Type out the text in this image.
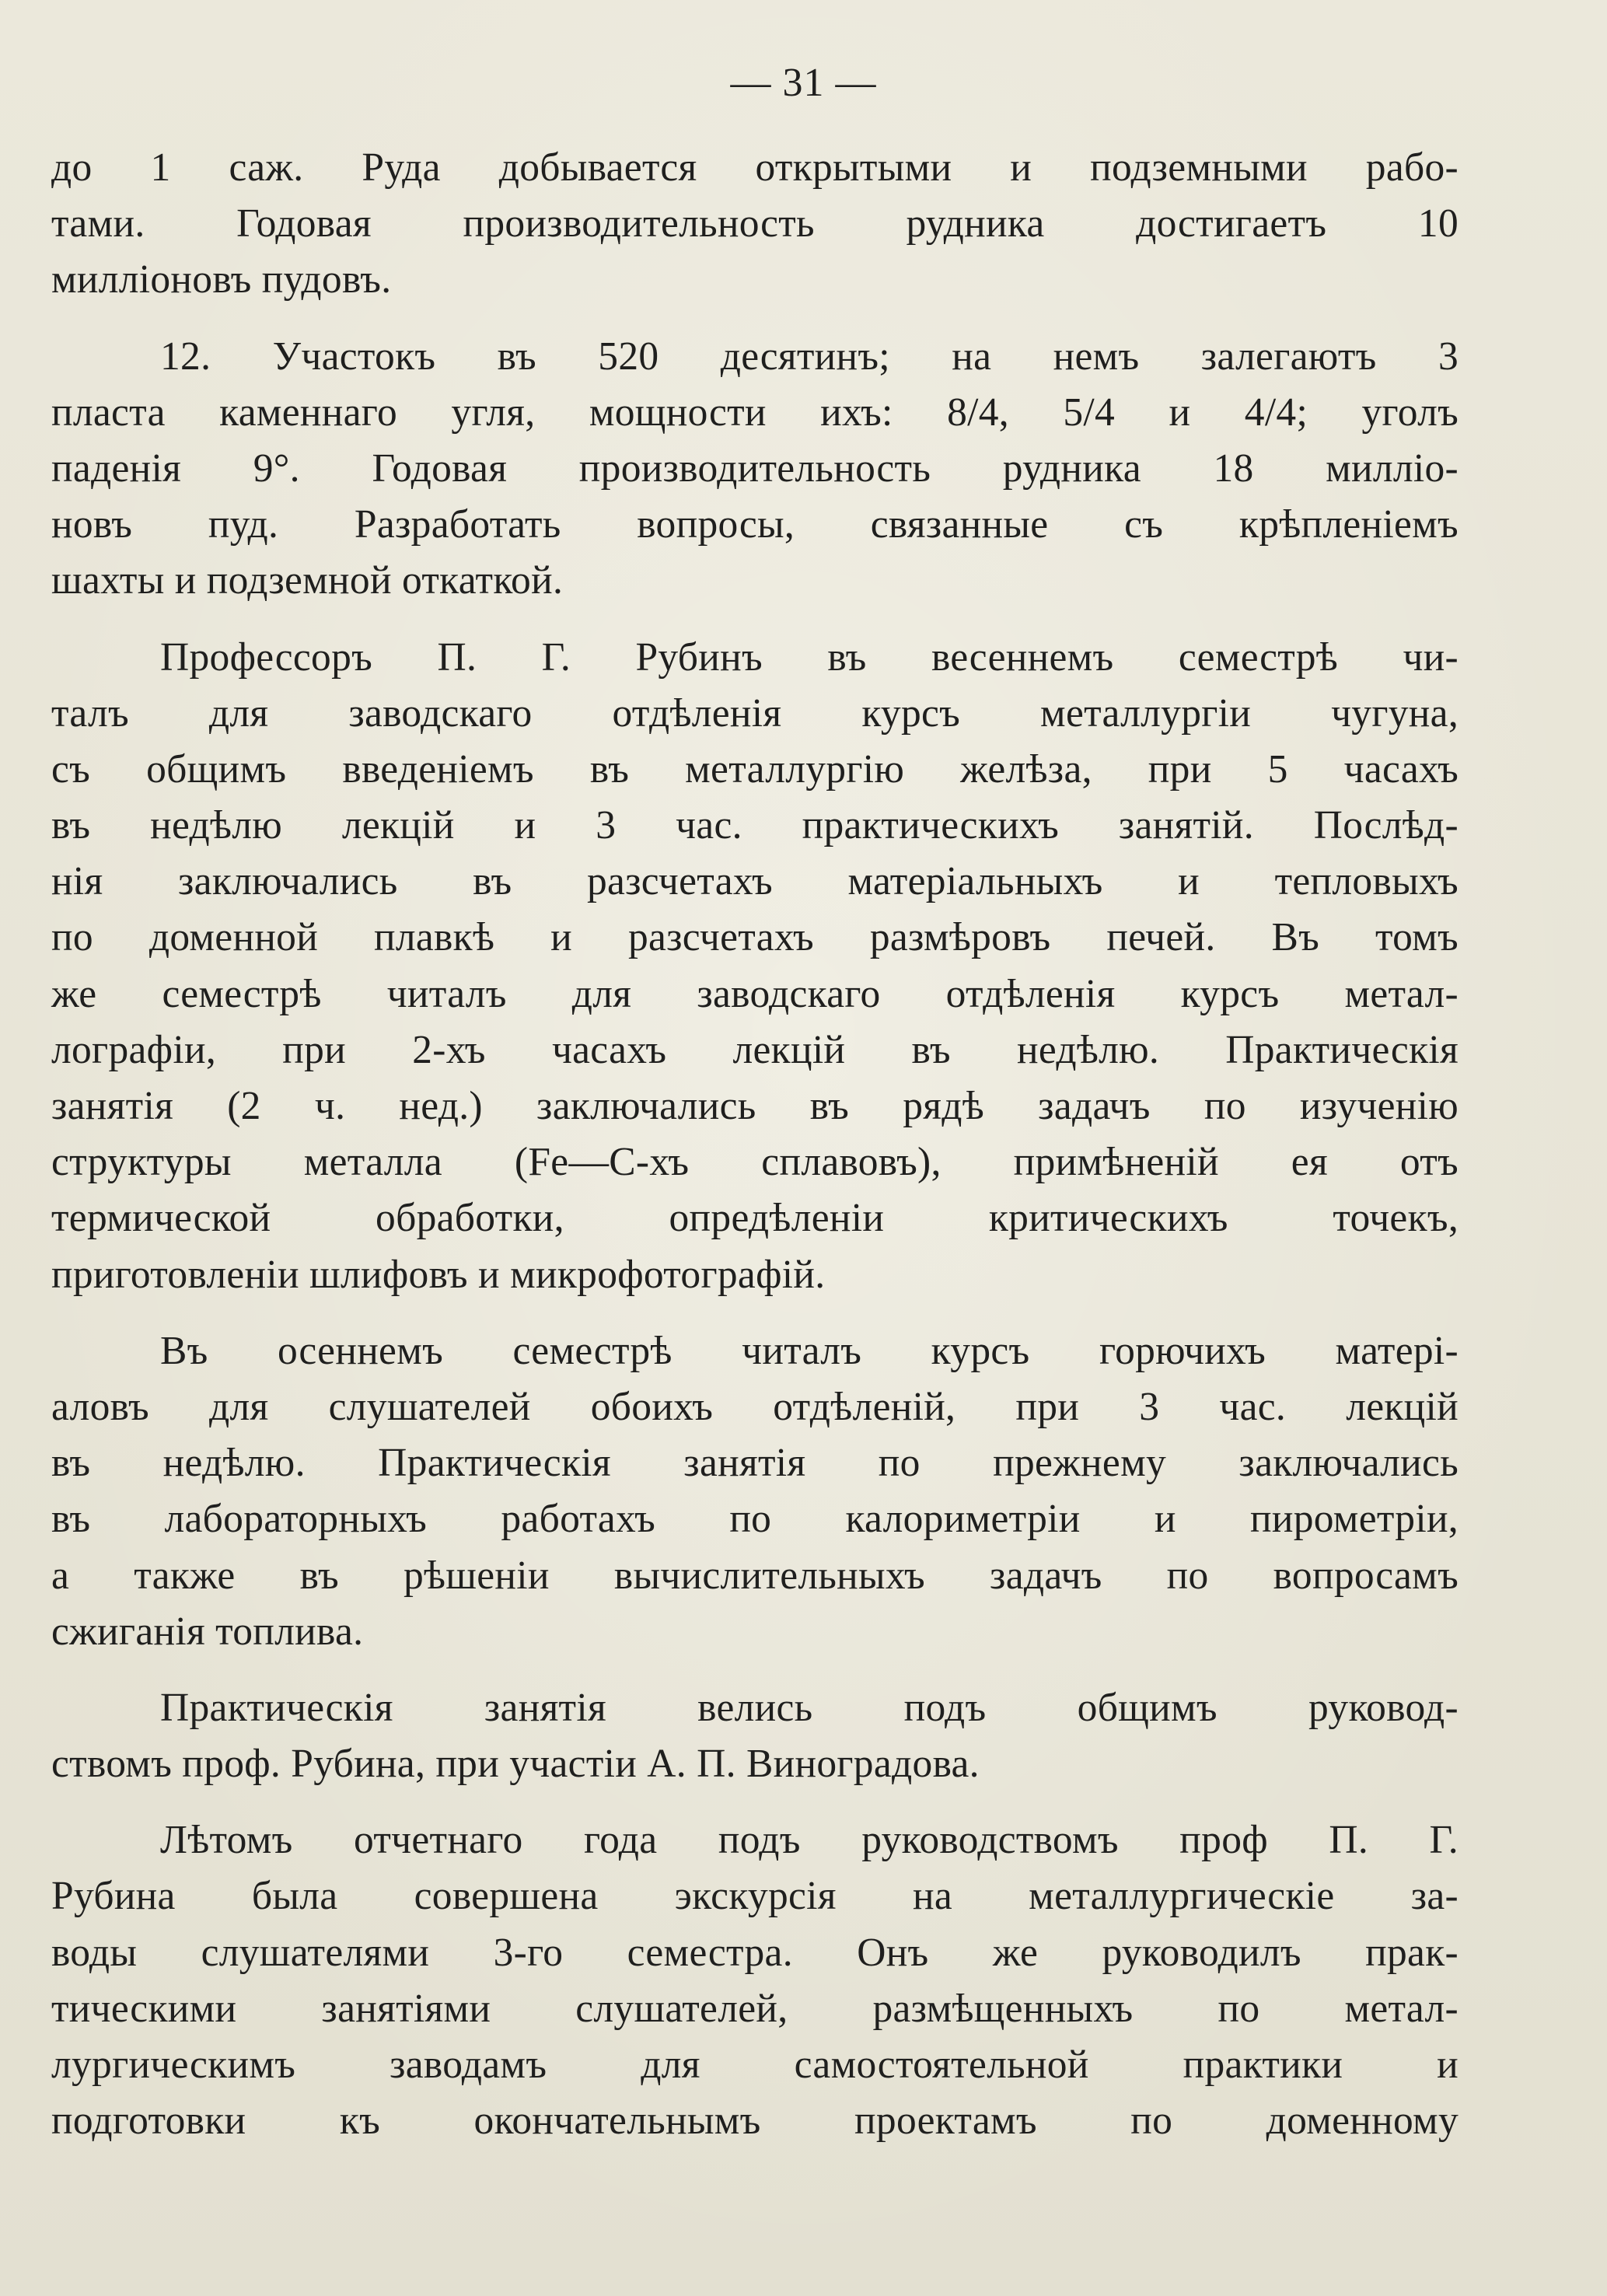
— 31 —
до 1 саж. Руда добывается открытыми и подземными рабо-
тами. Годовая производительность рудника достигаетъ 10
милліоновъ пудовъ.
12. Участокъ въ 520 десятинъ; на немъ залегаютъ 3
пласта каменнаго угля, мощности ихъ: 8/4, 5/4 и 4/4; уголъ
паденія 9°. Годовая производительность рудника 18 милліо-
новъ пуд. Разработать вопросы, связанные съ крѣпленіемъ
шахты и подземной откаткой.
Профессоръ П. Г. Рубинъ въ весеннемъ семестрѣ чи-
талъ для заводскаго отдѣленія курсъ металлургіи чугуна,
съ общимъ введеніемъ въ металлургію желѣза, при 5 часахъ
въ недѣлю лекцій и 3 час. практическихъ занятій. Послѣд-
нія заключались въ разсчетахъ матеріальныхъ и тепловыхъ
по доменной плавкѣ и разсчетахъ размѣровъ печей. Въ томъ
же семестрѣ читалъ для заводскаго отдѣленія курсъ метал-
лографіи, при 2-хъ часахъ лекцій въ недѣлю. Практическія
занятія (2 ч. нед.) заключались въ рядѣ задачъ по изученію
структуры металла (Fe—С-хъ сплавовъ), примѣненій ея отъ
термической обработки, опредѣленіи критическихъ точекъ,
приготовленіи шлифовъ и микрофотографій.
Въ осеннемъ семестрѣ читалъ курсъ горючихъ матері-
аловъ для слушателей обоихъ отдѣленій, при 3 час. лекцій
въ недѣлю. Практическія занятія по прежнему заключались
въ лабораторныхъ работахъ по калориметріи и пирометріи,
а также въ рѣшеніи вычислительныхъ задачъ по вопросамъ
сжиганія топлива.
Практическія занятія велись подъ общимъ руковод-
ствомъ проф. Рубина, при участіи А. П. Виноградова.
Лѣтомъ отчетнаго года подъ руководствомъ проф П. Г.
Рубина была совершена экскурсія на металлургическіе за-
воды слушателями 3-го семестра. Онъ же руководилъ прак-
тическими занятіями слушателей, размѣщенныхъ по метал-
лургическимъ заводамъ для самостоятельной практики и
подготовки къ окончательнымъ проектамъ по доменному
